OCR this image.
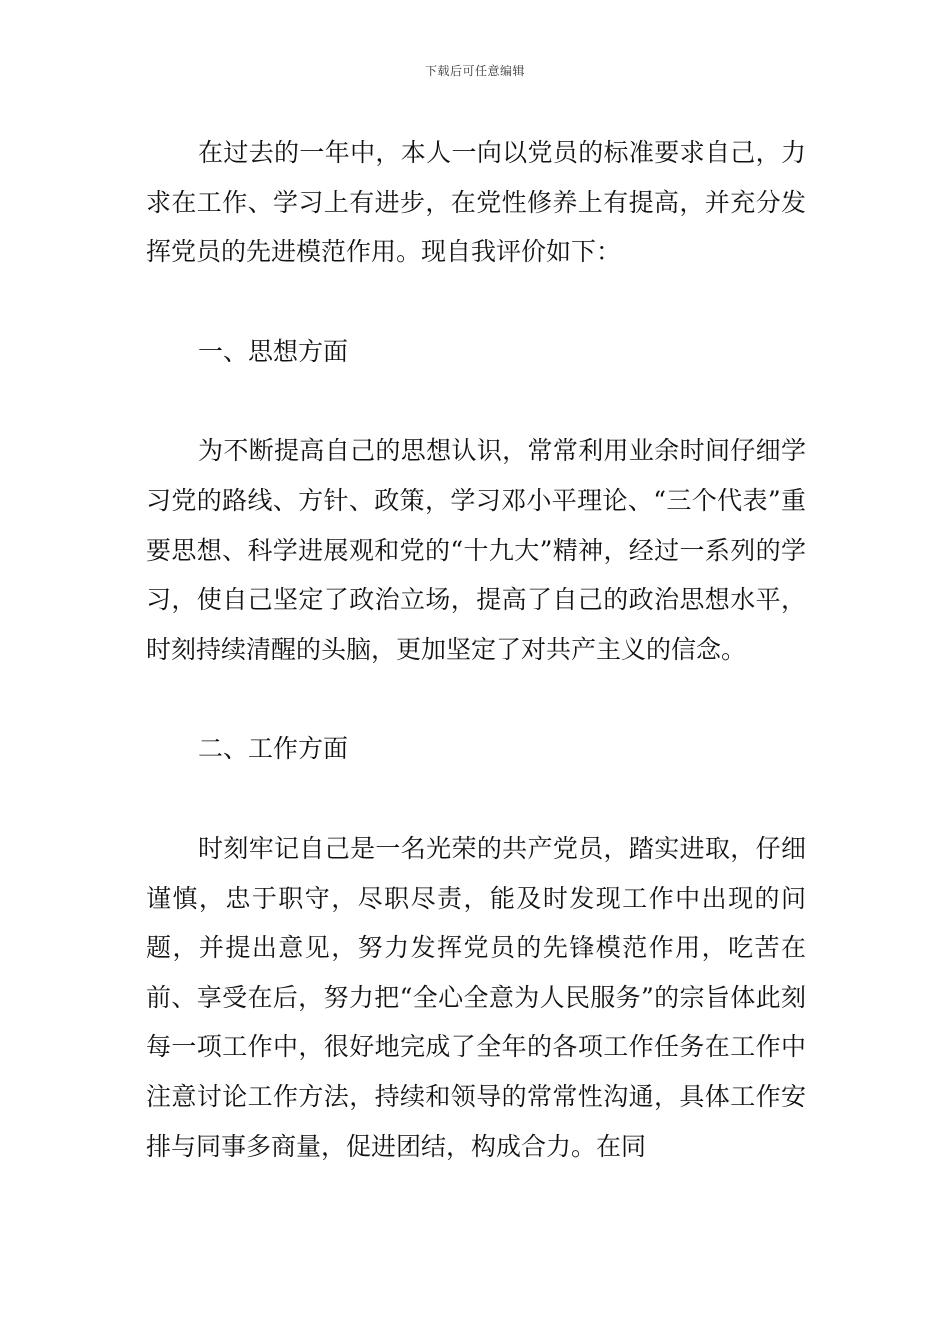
下载后可任意编辑

在过去的一年中，本人一向以党员的标准要求自己，力求在工作、学习上有进步，在党性修养上有提高，并充分发挥党员的先进模范作用。现自我评价如下：

一、思想方面

为不断提高自己的思想认识，常常利用业余时间仔细学习党的路线、方针、政策，学习邓小平理论、“三个代表”重要思想、科学进展观和党的“十九大”精神，经过一系列的学习，使自己坚定了政治立场，提高了自己的政治思想水平，时刻持续清醒的头脑，更加坚定了对共产主义的信念。

二、工作方面

时刻牢记自己是一名光荣的共产党员，踏实进取，仔细谨慎，忠于职守，尽职尽责，能及时发现工作中出现的问题，并提出意见，努力发挥党员的先锋模范作用，吃苦在前、享受在后，努力把“全心全意为人民服务”的宗旨体此刻每一项工作中，很好地完成了全年的各项工作任务在工作中注意讨论工作方法，持续和领导的常常性沟通，具体工作安排与同事多商量，促进团结，构成合力。在同
